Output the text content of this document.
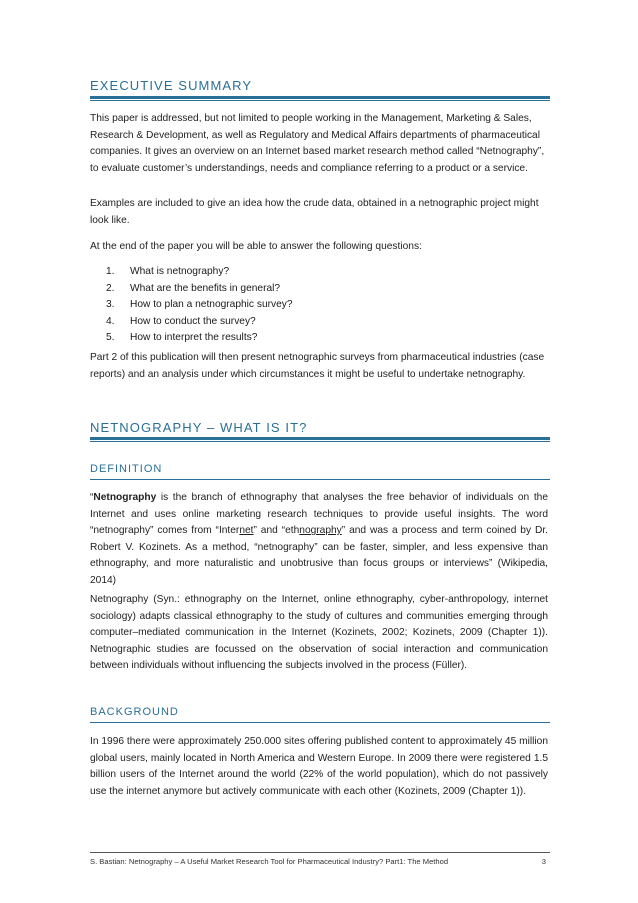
EXECUTIVE SUMMARY

This paper is addressed, but not limited to people working in the Management, Marketing & Sales, Research & Development, as well as Regulatory and Medical Affairs departments of pharmaceutical companies. It gives an overview on an Internet based market research method called “Netnography”, to evaluate customer’s understandings, needs and compliance referring to a product or a service.

Examples are included to give an idea how the crude data, obtained in a netnographic project might look like.

At the end of the paper you will be able to answer the following questions:

1. What is netnography?
2. What are the benefits in general?
3. How to plan a netnographic survey?
4. How to conduct the survey?
5. How to interpret the results?

Part 2 of this publication will then present netnographic surveys from pharmaceutical industries (case reports) and an analysis under which circumstances it might be useful to undertake netnography.

NETNOGRAPHY – WHAT IS IT?
DEFINITION

“Netnography is the branch of ethnography that analyses the free behavior of individuals on the Internet and uses online marketing research techniques to provide useful insights. The word “netnography” comes from “Internet” and “ethnography” and was a process and term coined by Dr. Robert V. Kozinets. As a method, “netnography” can be faster, simpler, and less expensive than ethnography, and more naturalistic and unobtrusive than focus groups or interviews” (Wikipedia, 2014)

Netnography (Syn.: ethnography on the Internet, online ethnography, cyber-anthropology, internet sociology) adapts classical ethnography to the study of cultures and communities emerging through computer–mediated communication in the Internet (Kozinets, 2002; Kozinets, 2009 (Chapter 1)). Netnographic studies are focussed on the observation of social interaction and communication between individuals without influencing the subjects involved in the process (Füller).

BACKGROUND

In 1996 there were approximately 250.000 sites offering published content to approximately 45 million global users, mainly located in North America and Western Europe. In 2009 there were registered 1.5 billion users of the Internet around the world (22% of the world population), which do not passively use the internet anymore but actively communicate with each other (Kozinets, 2009 (Chapter 1)).

S. Bastian: Netnography – A Useful Market Research Tool for Pharmaceutical Industry? Part1: The Method	3
